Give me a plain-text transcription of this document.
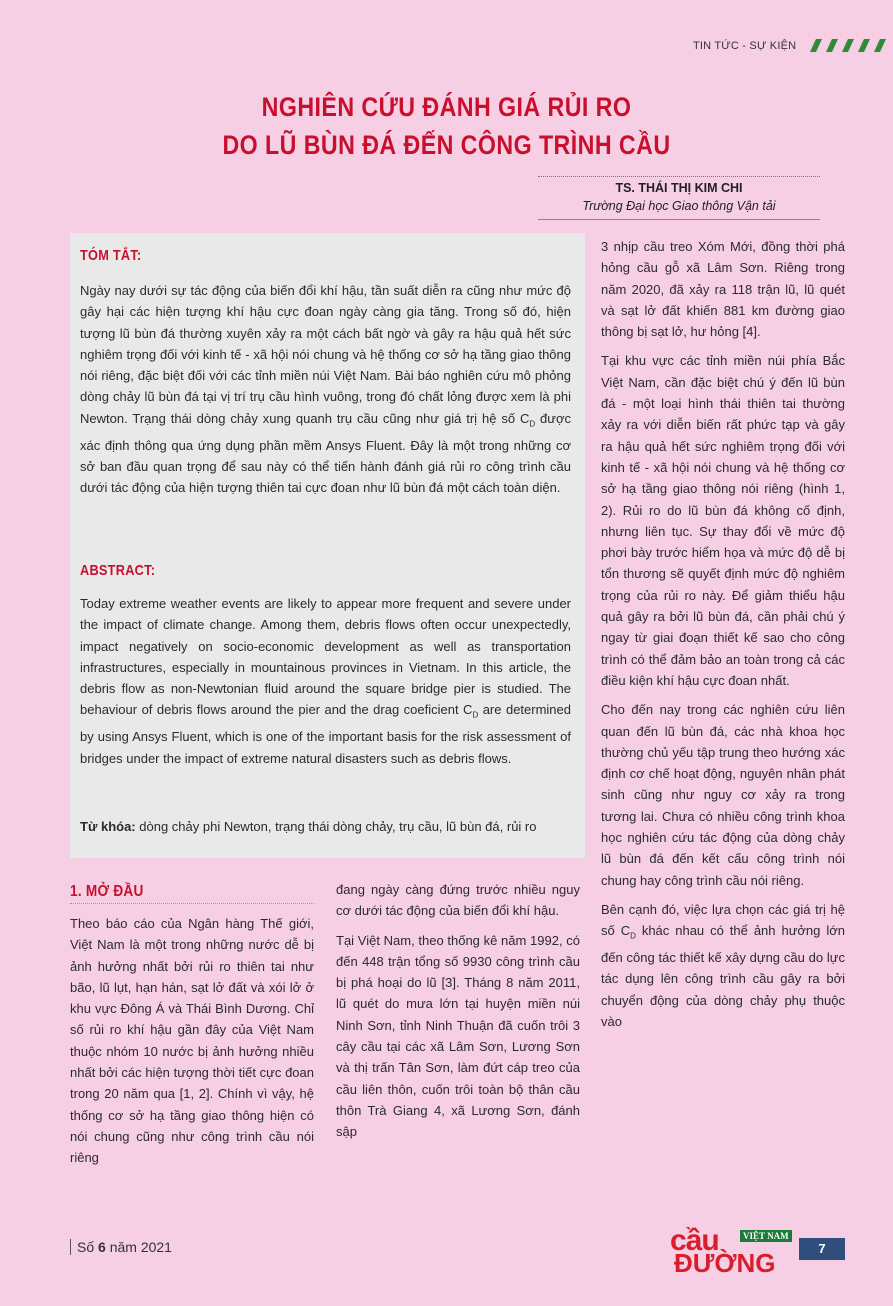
TIN TỨC - SỰ KIỆN
NGHIÊN CỨU ĐÁNH GIÁ RỦI RO
DO LŨ BÙN ĐÁ ĐẾN CÔNG TRÌNH CẦU
TS. THÁI THỊ KIM CHI
Trường Đại học Giao thông Vận tải
TÓM TẮT:
Ngày nay dưới sự tác động của biến đổi khí hậu, tần suất diễn ra cũng như mức độ gây hại các hiện tượng khí hậu cực đoan ngày càng gia tăng. Trong số đó, hiện tượng lũ bùn đá thường xuyên xảy ra một cách bất ngờ và gây ra hậu quả hết sức nghiêm trọng đối với kinh tế - xã hội nói chung và hệ thống cơ sở hạ tầng giao thông nói riêng, đặc biệt đối với các tỉnh miền núi Việt Nam. Bài báo nghiên cứu mô phỏng dòng chảy lũ bùn đá tại vị trí trụ cầu hình vuông, trong đó chất lỏng được xem là phi Newton. Trạng thái dòng chảy xung quanh trụ cầu cũng như giá trị hệ số $C_D$ được xác định thông qua ứng dụng phần mềm Ansys Fluent. Đây là một trong những cơ sở ban đầu quan trọng để sau này có thể tiến hành đánh giá rủi ro công trình cầu dưới tác động của hiện tượng thiên tai cực đoan như lũ bùn đá một cách toàn diện.
ABSTRACT:
Today extreme weather events are likely to appear more frequent and severe under the impact of climate change. Among them, debris flows often occur unexpectedly, impact negatively on socio-economic development as well as transportation infrastructures, especially in mountainous provinces in Vietnam. In this article, the debris flow as non-Newtonian fluid around the square bridge pier is studied. The behaviour of debris flows around the pier and the drag coeficient $C_D$ are determined by using Ansys Fluent, which is one of the important basis for the risk assessment of bridges under the impact of extreme natural disasters such as debris flows.
Từ khóa: dòng chảy phi Newton, trạng thái dòng chảy, trụ cầu, lũ bùn đá, rủi ro
1. MỞ ĐẦU

Theo báo cáo của Ngân hàng Thế giới, Việt Nam là một trong những nước dễ bị ảnh hưởng nhất bởi rủi ro thiên tai như bão, lũ lụt, hạn hán, sạt lở đất và xói lở ở khu vực Đông Á và Thái Bình Dương. Chỉ số rủi ro khí hậu gần đây của Việt Nam thuộc nhóm 10 nước bị ảnh hưởng nhiều nhất bởi các hiện tượng thời tiết cực đoan trong 20 năm qua [1, 2]. Chính vì vậy, hệ thống cơ sở hạ tầng giao thông hiện có nói chung cũng như công trình cầu nói riêng

đang ngày càng đứng trước nhiều nguy cơ dưới tác động của biến đổi khí hậu.

Tại Việt Nam, theo thống kê năm 1992, có đến 448 trận tổng số 9930 công trình cầu bị phá hoại do lũ [3]. Tháng 8 năm 2011, lũ quét do mưa lớn tại huyện miền núi Ninh Sơn, tỉnh Ninh Thuận đã cuốn trôi 3 cây cầu tại các xã Lâm Sơn, Lương Sơn và thị trấn Tân Sơn, làm đứt cáp treo của cầu liên thôn, cuốn trôi toàn bộ thân cầu thôn Trà Giang 4, xã Lương Sơn, đánh sập

3 nhịp cầu treo Xóm Mới, đồng thời phá hỏng cầu gỗ xã Lâm Sơn. Riêng trong năm 2020, đã xảy ra 118 trận lũ, lũ quét và sạt lở đất khiến 881 km đường giao thông bị sạt lở, hư hỏng [4].

Tại khu vực các tỉnh miền núi phía Bắc Việt Nam, cần đặc biệt chú ý đến lũ bùn đá - một loại hình thái thiên tai thường xảy ra với diễn biến rất phức tạp và gây ra hậu quả hết sức nghiêm trọng đối với kinh tế - xã hội nói chung và hệ thống cơ sở hạ tầng giao thông nói riêng (hình 1, 2). Rủi ro do lũ bùn đá không cố định, nhưng liên tục. Sự thay đổi về mức độ phơi bày trước hiểm họa và mức độ dễ bị tổn thương sẽ quyết định mức độ nghiêm trọng của rủi ro này. Để giảm thiểu hậu quả gây ra bởi lũ bùn đá, cần phải chú ý ngay từ giai đoạn thiết kế sao cho công trình có thể đảm bảo an toàn trong cả các điều kiện khí hậu cực đoan nhất.

Cho đến nay trong các nghiên cứu liên quan đến lũ bùn đá, các nhà khoa học thường chủ yếu tập trung theo hướng xác định cơ chế hoạt động, nguyên nhân phát sinh cũng như nguy cơ xảy ra trong tương lai. Chưa có nhiều công trình khoa học nghiên cứu tác động của dòng chảy lũ bùn đá đến kết cấu công trình nói chung hay công trình cầu nói riêng.

Bên cạnh đó, việc lựa chọn các giá trị hệ số $C_D$ khác nhau có thể ảnh hưởng lớn đến công tác thiết kế xây dựng cầu do lực tác dụng lên công trình cầu gây ra bởi chuyển động của dòng chảy phụ thuộc vào

Số 6 năm 2021	cầu	VIỆT NAM
ĐƯỜNG	7
